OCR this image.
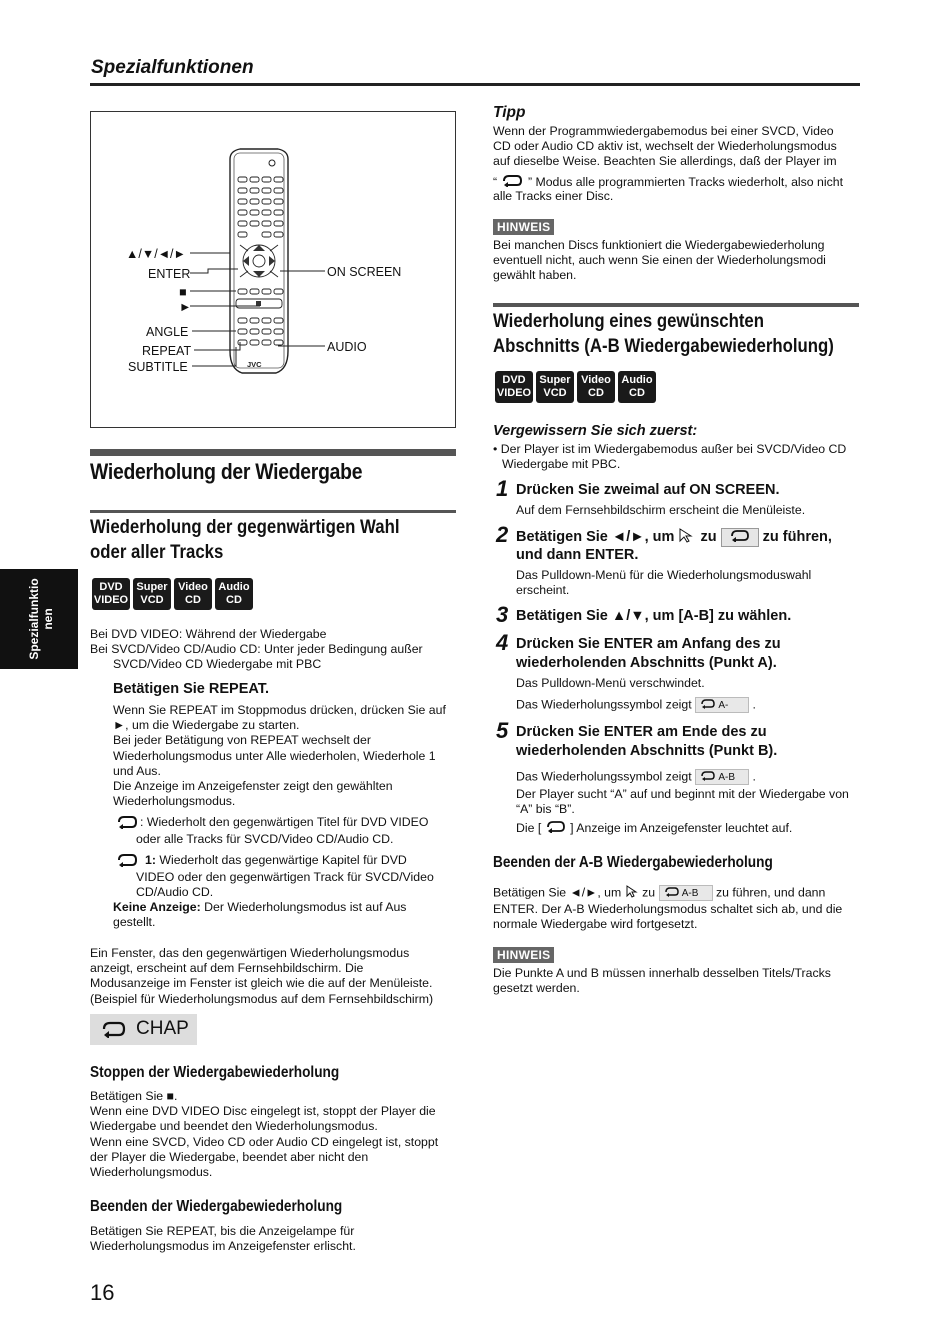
Spezialfunktionen
Spezialfunktio
nen
JVC
▲/▼/◄/►
ENTER
■
►
ANGLE
REPEAT
SUBTITLE
ON SCREEN
AUDIO
Wiederholung der Wiedergabe
Wiederholung der gegenwärtigen Wahl
oder aller Tracks
DVD
VIDEO
Super
VCD
Video
CD
Audio
CD
Bei DVD VIDEO: Während der Wiedergabe
Bei SVCD/Video CD/Audio CD: Unter jeder Bedingung außer
SVCD/Video CD Wiedergabe mit PBC
Betätigen Sie REPEAT.
Wenn Sie REPEAT im Stoppmodus drücken, drücken Sie auf
►, um die Wiedergabe zu starten.
Bei jeder Betätigung von REPEAT wechselt der
Wiederholungsmodus unter Alle wiederholen, Wiederhole 1
und Aus.
Die Anzeige im Anzeigefenster zeigt den gewählten
Wiederholungsmodus.
: Wiederholt den gegenwärtigen Titel für DVD VIDEO
oder alle Tracks für SVCD/Video CD/Audio CD.
1: Wiederholt das gegenwärtige Kapitel für DVD
VIDEO oder den gegenwärtigen Track für SVCD/Video
CD/Audio CD.
Keine Anzeige: Der Wiederholungsmodus ist auf Aus
gestellt.
Ein Fenster, das den gegenwärtigen Wiederholungsmodus
anzeigt, erscheint auf dem Fernsehbildschirm. Die
Modusanzeige im Fenster ist gleich wie die auf der Menüleiste.
(Beispiel für Wiederholungsmodus auf dem Fernsehbildschirm)
CHAP
Stoppen der Wiedergabewiederholung
Betätigen Sie ■.
Wenn eine DVD VIDEO Disc eingelegt ist, stoppt der Player die
Wiedergabe und beendet den Wiederholungsmodus.
Wenn eine SVCD, Video CD oder Audio CD eingelegt ist, stoppt
der Player die Wiedergabe, beendet aber nicht den
Wiederholungsmodus.
Beenden der Wiedergabewiederholung
Betätigen Sie REPEAT, bis die Anzeigelampe für
Wiederholungsmodus im Anzeigefenster erlischt.
16
Tipp
Wenn der Programmwiedergabemodus bei einer SVCD, Video
CD oder Audio CD aktiv ist, wechselt der Wiederholungsmodus
auf dieselbe Weise. Beachten Sie allerdings, daß der Player im
“	” Modus alle programmierten Tracks wiederholt, also nicht
alle Tracks einer Disc.
HINWEIS
Bei manchen Discs funktioniert die Wiedergabewiederholung
eventuell nicht, auch wenn Sie einen der Wiederholungsmodi
gewählt haben.
Wiederholung eines gewünschten
Abschnitts (A-B Wiedergabewiederholung)
DVD
VIDEO
Super
VCD
Video
CD
Audio
CD
Vergewissern Sie sich zuerst:
• Der Player ist im Wiedergabemodus außer bei SVCD/Video CD
Wiedergabe mit PBC.
1 Drücken Sie zweimal auf ON SCREEN.
Auf dem Fernsehbildschirm erscheint die Menüleiste.
2 Betätigen Sie ◄/►, um zu	zu führen,
und dann ENTER.
Das Pulldown-Menü für die Wiederholungsmoduswahl
erscheint.
3 Betätigen Sie ▲/▼, um [A-B] zu wählen.
4 Drücken Sie ENTER am Anfang des zu
wiederholenden Abschnitts (Punkt A).
Das Pulldown-Menü verschwindet.
Das Wiederholungssymbol zeigt	A- .
5 Drücken Sie ENTER am Ende des zu
wiederholenden Abschnitts (Punkt B).
Das Wiederholungssymbol zeigt	A-B .
Der Player sucht “A” auf und beginnt mit der Wiedergabe von
“A” bis “B”.
Die [ ] Anzeige im Anzeigefenster leuchtet auf.
Beenden der A-B Wiedergabewiederholung
Betätigen Sie ◄/►, um zu	A-B zu führen, und dann
ENTER. Der A-B Wiederholungsmodus schaltet sich ab, und die
normale Wiedergabe wird fortgesetzt.
HINWEIS
Die Punkte A und B müssen innerhalb desselben Titels/Tracks
gesetzt werden.
